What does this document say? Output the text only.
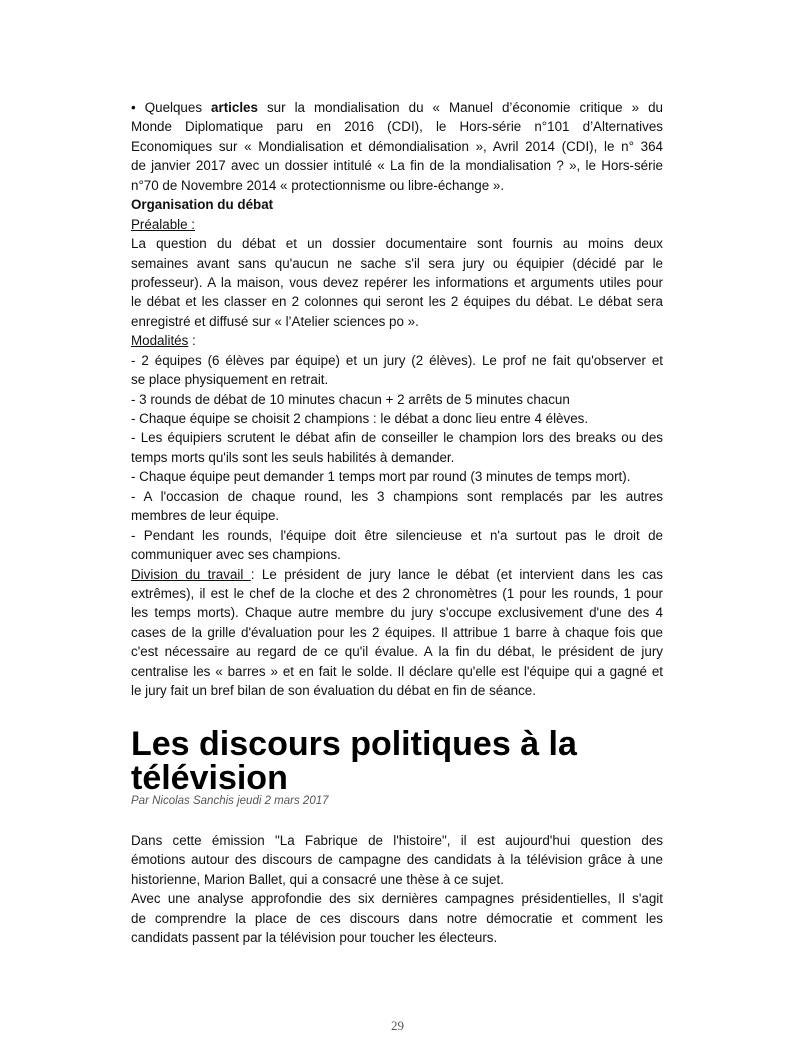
• Quelques articles sur la mondialisation du « Manuel d’économie critique » du
Monde Diplomatique paru en 2016 (CDI), le Hors-série n°101 d’Alternatives
Economiques sur « Mondialisation et démondialisation », Avril 2014 (CDI), le n° 364
de janvier 2017 avec un dossier intitulé « La fin de la mondialisation ? », le Hors-série
n°70 de Novembre 2014 « protectionnisme ou libre-échange ».
Organisation du débat
Préalable :
La question du débat et un dossier documentaire sont fournis au moins deux
semaines avant sans qu'aucun ne sache s'il sera jury ou équipier (décidé par le
professeur). A la maison, vous devez repérer les informations et arguments utiles pour
le débat et les classer en 2 colonnes qui seront les 2 équipes du débat. Le débat sera
enregistré et diffusé sur « l’Atelier sciences po ».
Modalités :
- 2 équipes (6 élèves par équipe) et un jury (2 élèves). Le prof ne fait qu'observer et
se place physiquement en retrait.
- 3 rounds de débat de 10 minutes chacun + 2 arrêts de 5 minutes chacun
- Chaque équipe se choisit 2 champions : le débat a donc lieu entre 4 élèves.
- Les équipiers scrutent le débat afin de conseiller le champion lors des breaks ou des
temps morts qu'ils sont les seuls habilités à demander.
- Chaque équipe peut demander 1 temps mort par round (3 minutes de temps mort).
- A l'occasion de chaque round, les 3 champions sont remplacés par les autres
membres de leur équipe.
- Pendant les rounds, l'équipe doit être silencieuse et n'a surtout pas le droit de
communiquer avec ses champions.
Division du travail : Le président de jury lance le débat (et intervient dans les cas
extrêmes), il est le chef de la cloche et des 2 chronomètres (1 pour les rounds, 1 pour
les temps morts). Chaque autre membre du jury s'occupe exclusivement d'une des 4
cases de la grille d'évaluation pour les 2 équipes. Il attribue 1 barre à chaque fois que
c'est nécessaire au regard de ce qu'il évalue. A la fin du débat, le président de jury
centralise les « barres » et en fait le solde. Il déclare qu'elle est l'équipe qui a gagné et
le jury fait un bref bilan de son évaluation du débat en fin de séance.
Les discours politiques à la télévision
Par Nicolas Sanchis jeudi 2 mars 2017
Dans cette émission "La Fabrique de l'histoire", il est aujourd'hui question des
émotions autour des discours de campagne des candidats à la télévision grâce à une
historienne, Marion Ballet, qui a consacré une thèse à ce sujet.
Avec une analyse approfondie des six dernières campagnes présidentielles, Il s'agit
de comprendre la place de ces discours dans notre démocratie et comment les
candidats passent par la télévision pour toucher les électeurs.
29
